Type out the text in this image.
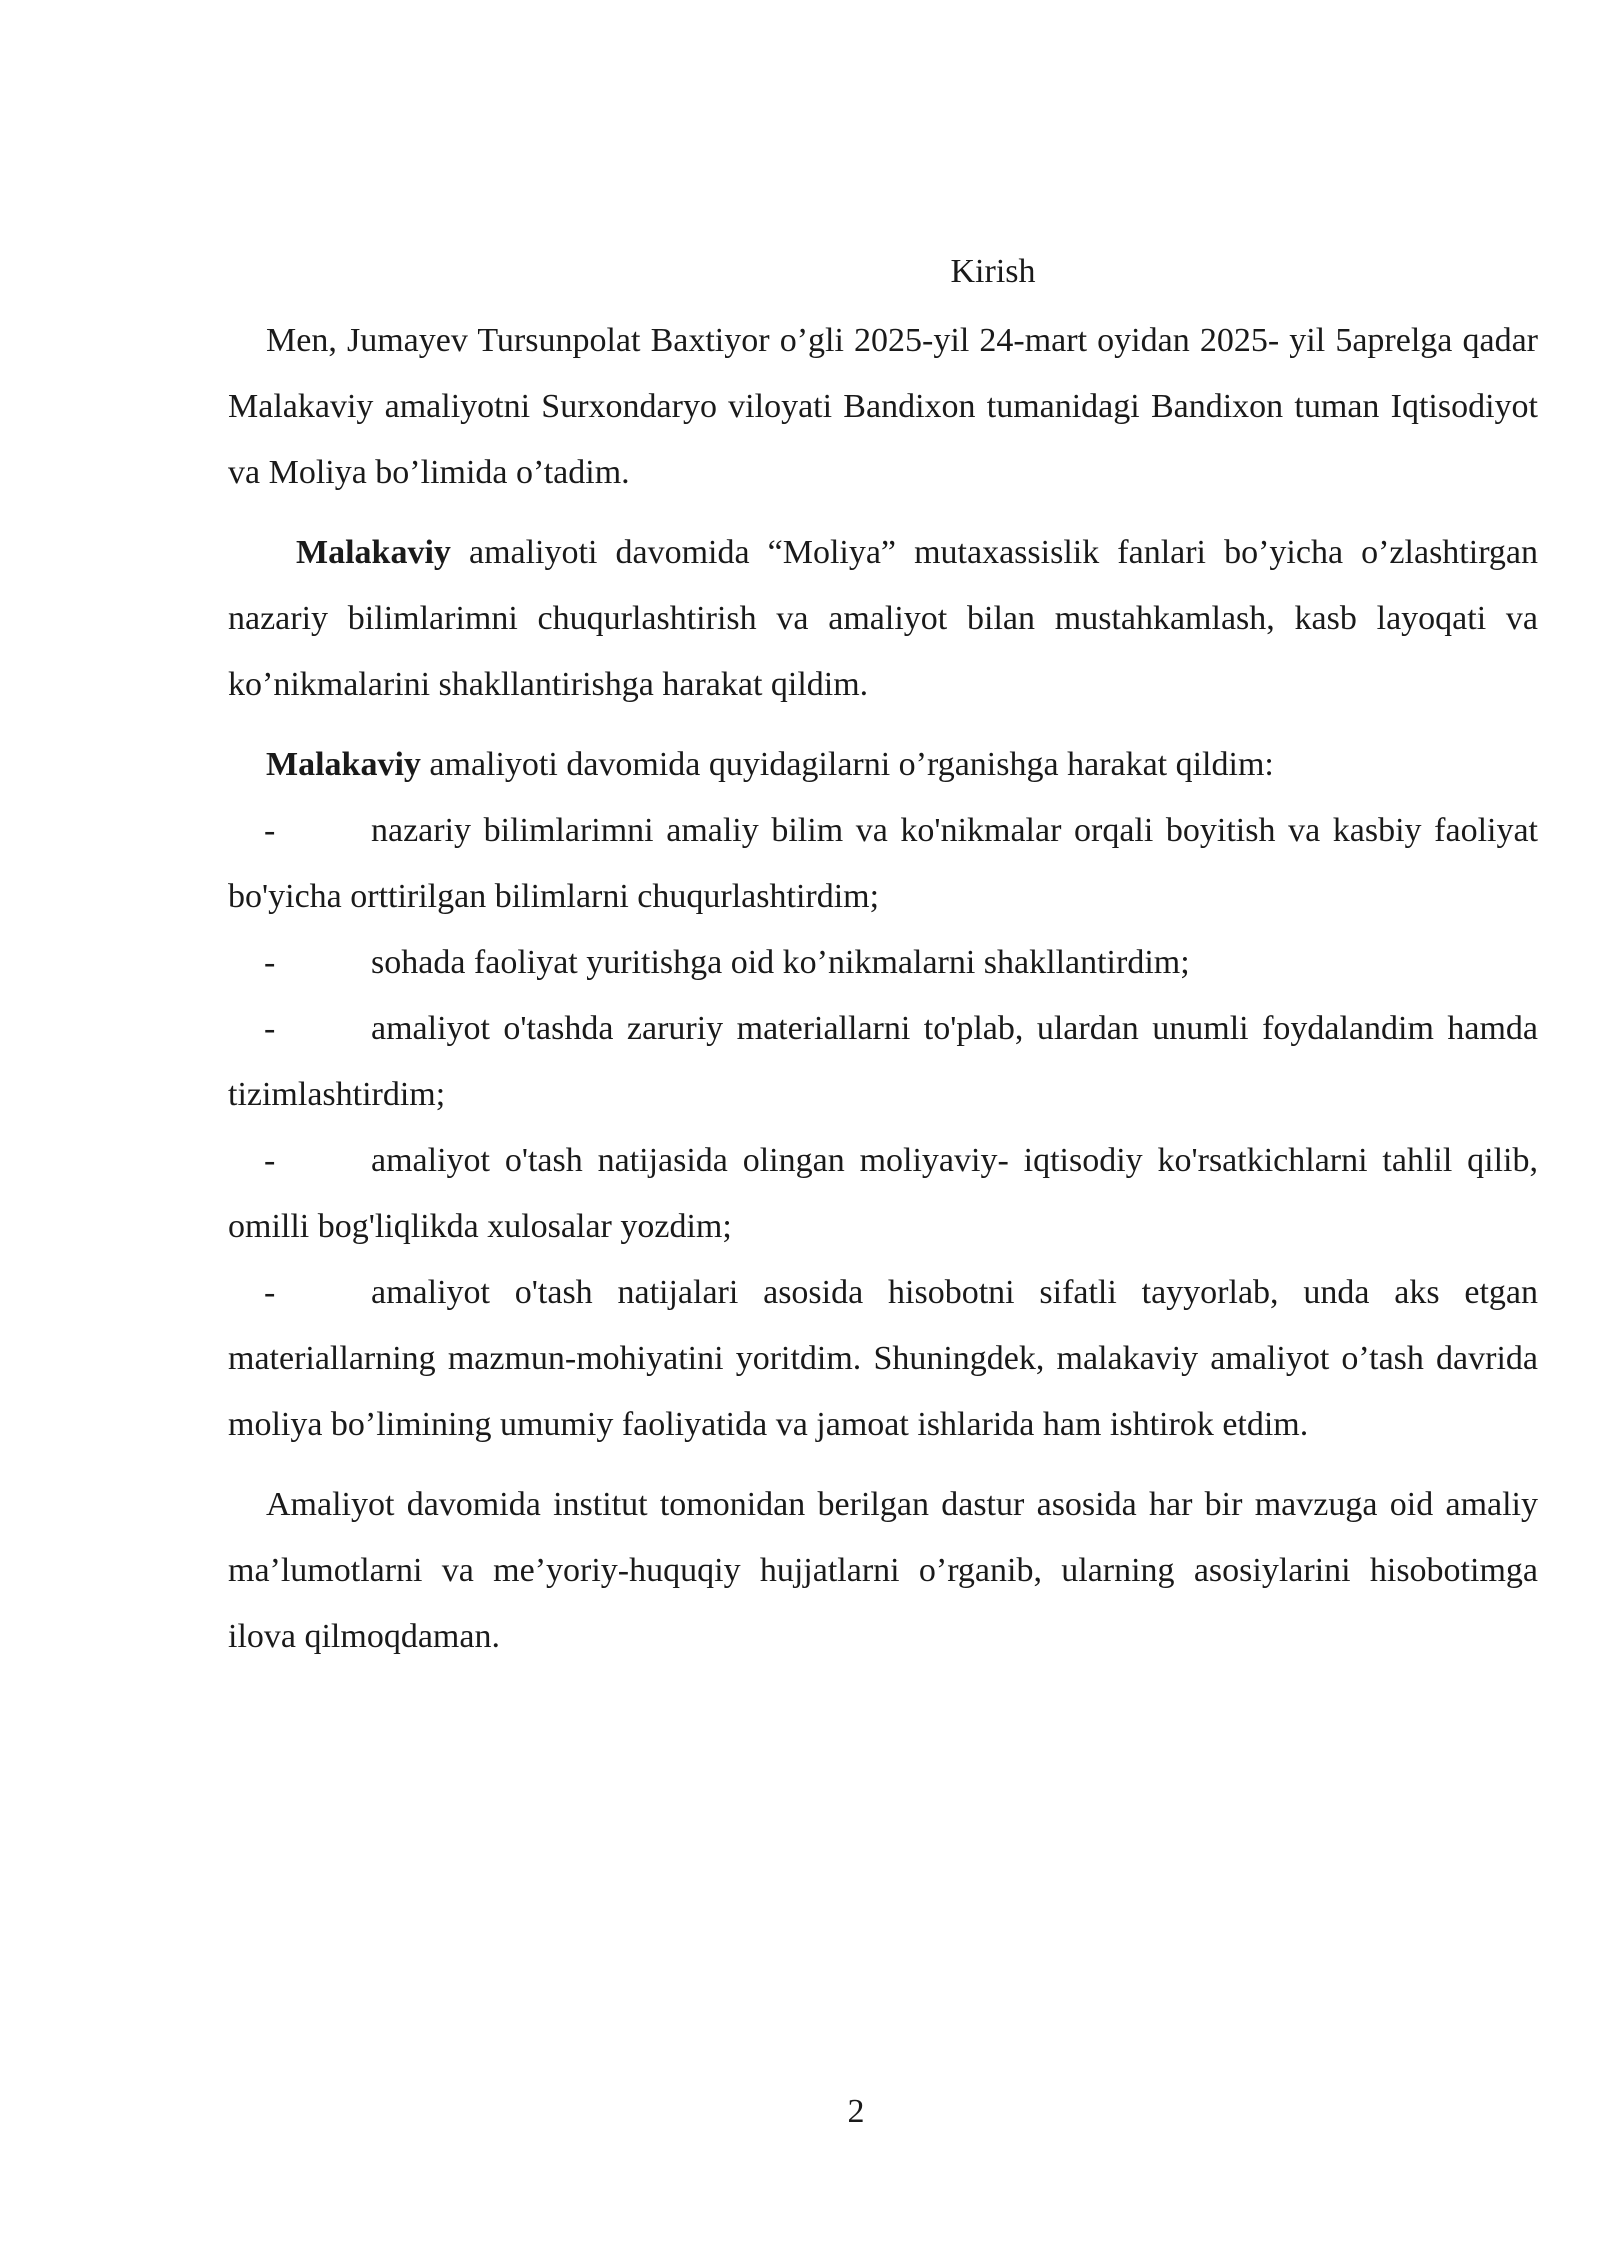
Kirish

Men, Jumayev Tursunpolat Baxtiyor o’gli 2025-yil 24-mart oyidan 2025- yil 5aprelga qadar Malakaviy amaliyotni Surxondaryo viloyati Bandixon tumanidagi Bandixon tuman Iqtisodiyot va Moliya bo’limida o’tadim.

Malakaviy amaliyoti davomida “Moliya” mutaxassislik fanlari bo’yicha o’zlashtirgan nazariy bilimlarimni chuqurlashtirish va amaliyot bilan mustahkamlash, kasb layoqati va ko’nikmalarini shakllantirishga harakat qildim.

Malakaviy amaliyoti davomida quyidagilarni o’rganishga harakat qildim:

-	nazariy bilimlarimni amaliy bilim va ko'nikmalar orqali boyitish va kasbiy faoliyat bo'yicha orttirilgan bilimlarni chuqurlashtirdim;

-	sohada faoliyat yuritishga oid ko’nikmalarni shakllantirdim;

-	amaliyot o'tashda zaruriy materiallarni to'plab, ulardan unumli foydalandim hamda tizimlashtirdim;

-	amaliyot o'tash natijasida olingan moliyaviy- iqtisodiy ko'rsatkichlarni tahlil qilib, omilli bog'liqlikda xulosalar yozdim;

-	amaliyot o'tash natijalari asosida hisobotni sifatli tayyorlab, unda aks etgan materiallarning mazmun-mohiyatini yoritdim. Shuningdek, malakaviy amaliyot o’tash davrida moliya bo’limining umumiy faoliyatida va jamoat ishlarida ham ishtirok etdim.

Amaliyot davomida institut tomonidan berilgan dastur asosida har bir mavzuga oid amaliy ma’lumotlarni va me’yoriy-huquqiy hujjatlarni o’rganib, ularning asosiylarini hisobotimga ilova qilmoqdaman.

2
